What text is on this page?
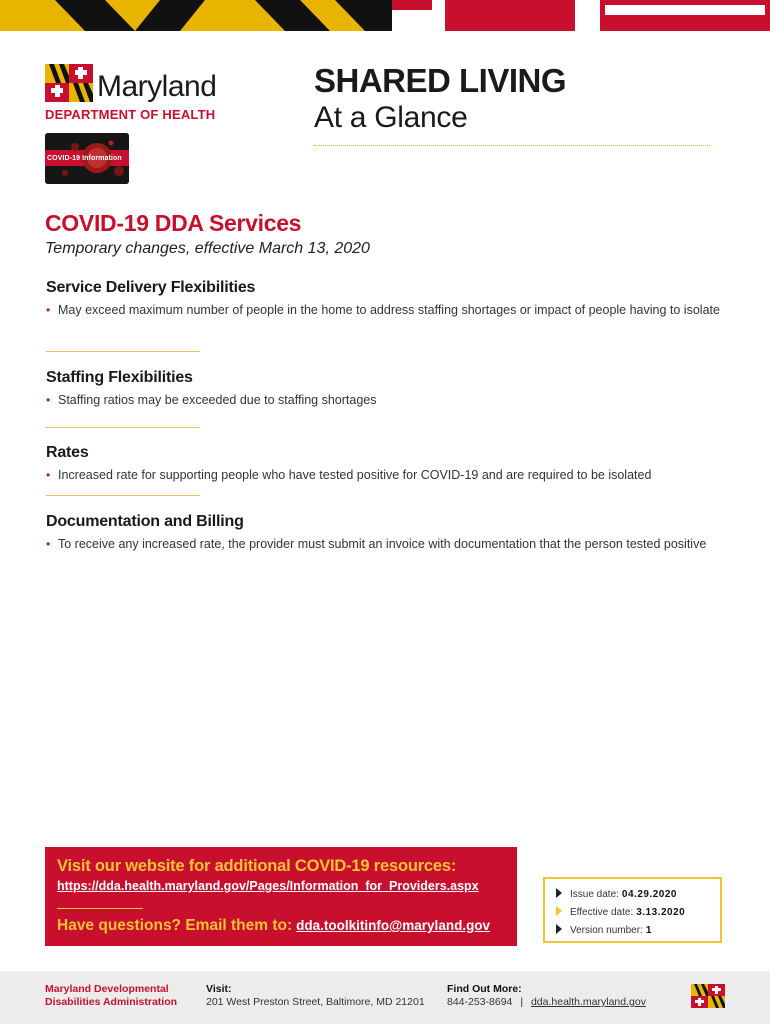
Maryland
DEPARTMENT OF HEALTH
COVID-19 Information
SHARED LIVING
At a Glance
COVID-19 DDA Services
Temporary changes, effective March 13, 2020
Service Delivery Flexibilities
• May exceed maximum number of people in the home to address staffing shortages or impact of people having to isolate
Staffing Flexibilities
• Staffing ratios may be exceeded due to staffing shortages
Rates
• Increased rate for supporting people who have tested positive for COVID-19 and are required to be isolated
Documentation and Billing
• To receive any increased rate, the provider must submit an invoice with documentation that the person tested positive
Visit our website for additional COVID-19 resources:
https://dda.health.maryland.gov/Pages/Information_for_Providers.aspx
Have questions? Email them to: dda.toolkitinfo@maryland.gov
Issue date: 04.29.2020
Effective date: 3.13.2020
Version number: 1
Maryland Developmental
Disabilities Administration
Visit:
201 West Preston Street, Baltimore, MD 21201
Find Out More:
844-253-8694 | dda.health.maryland.gov
